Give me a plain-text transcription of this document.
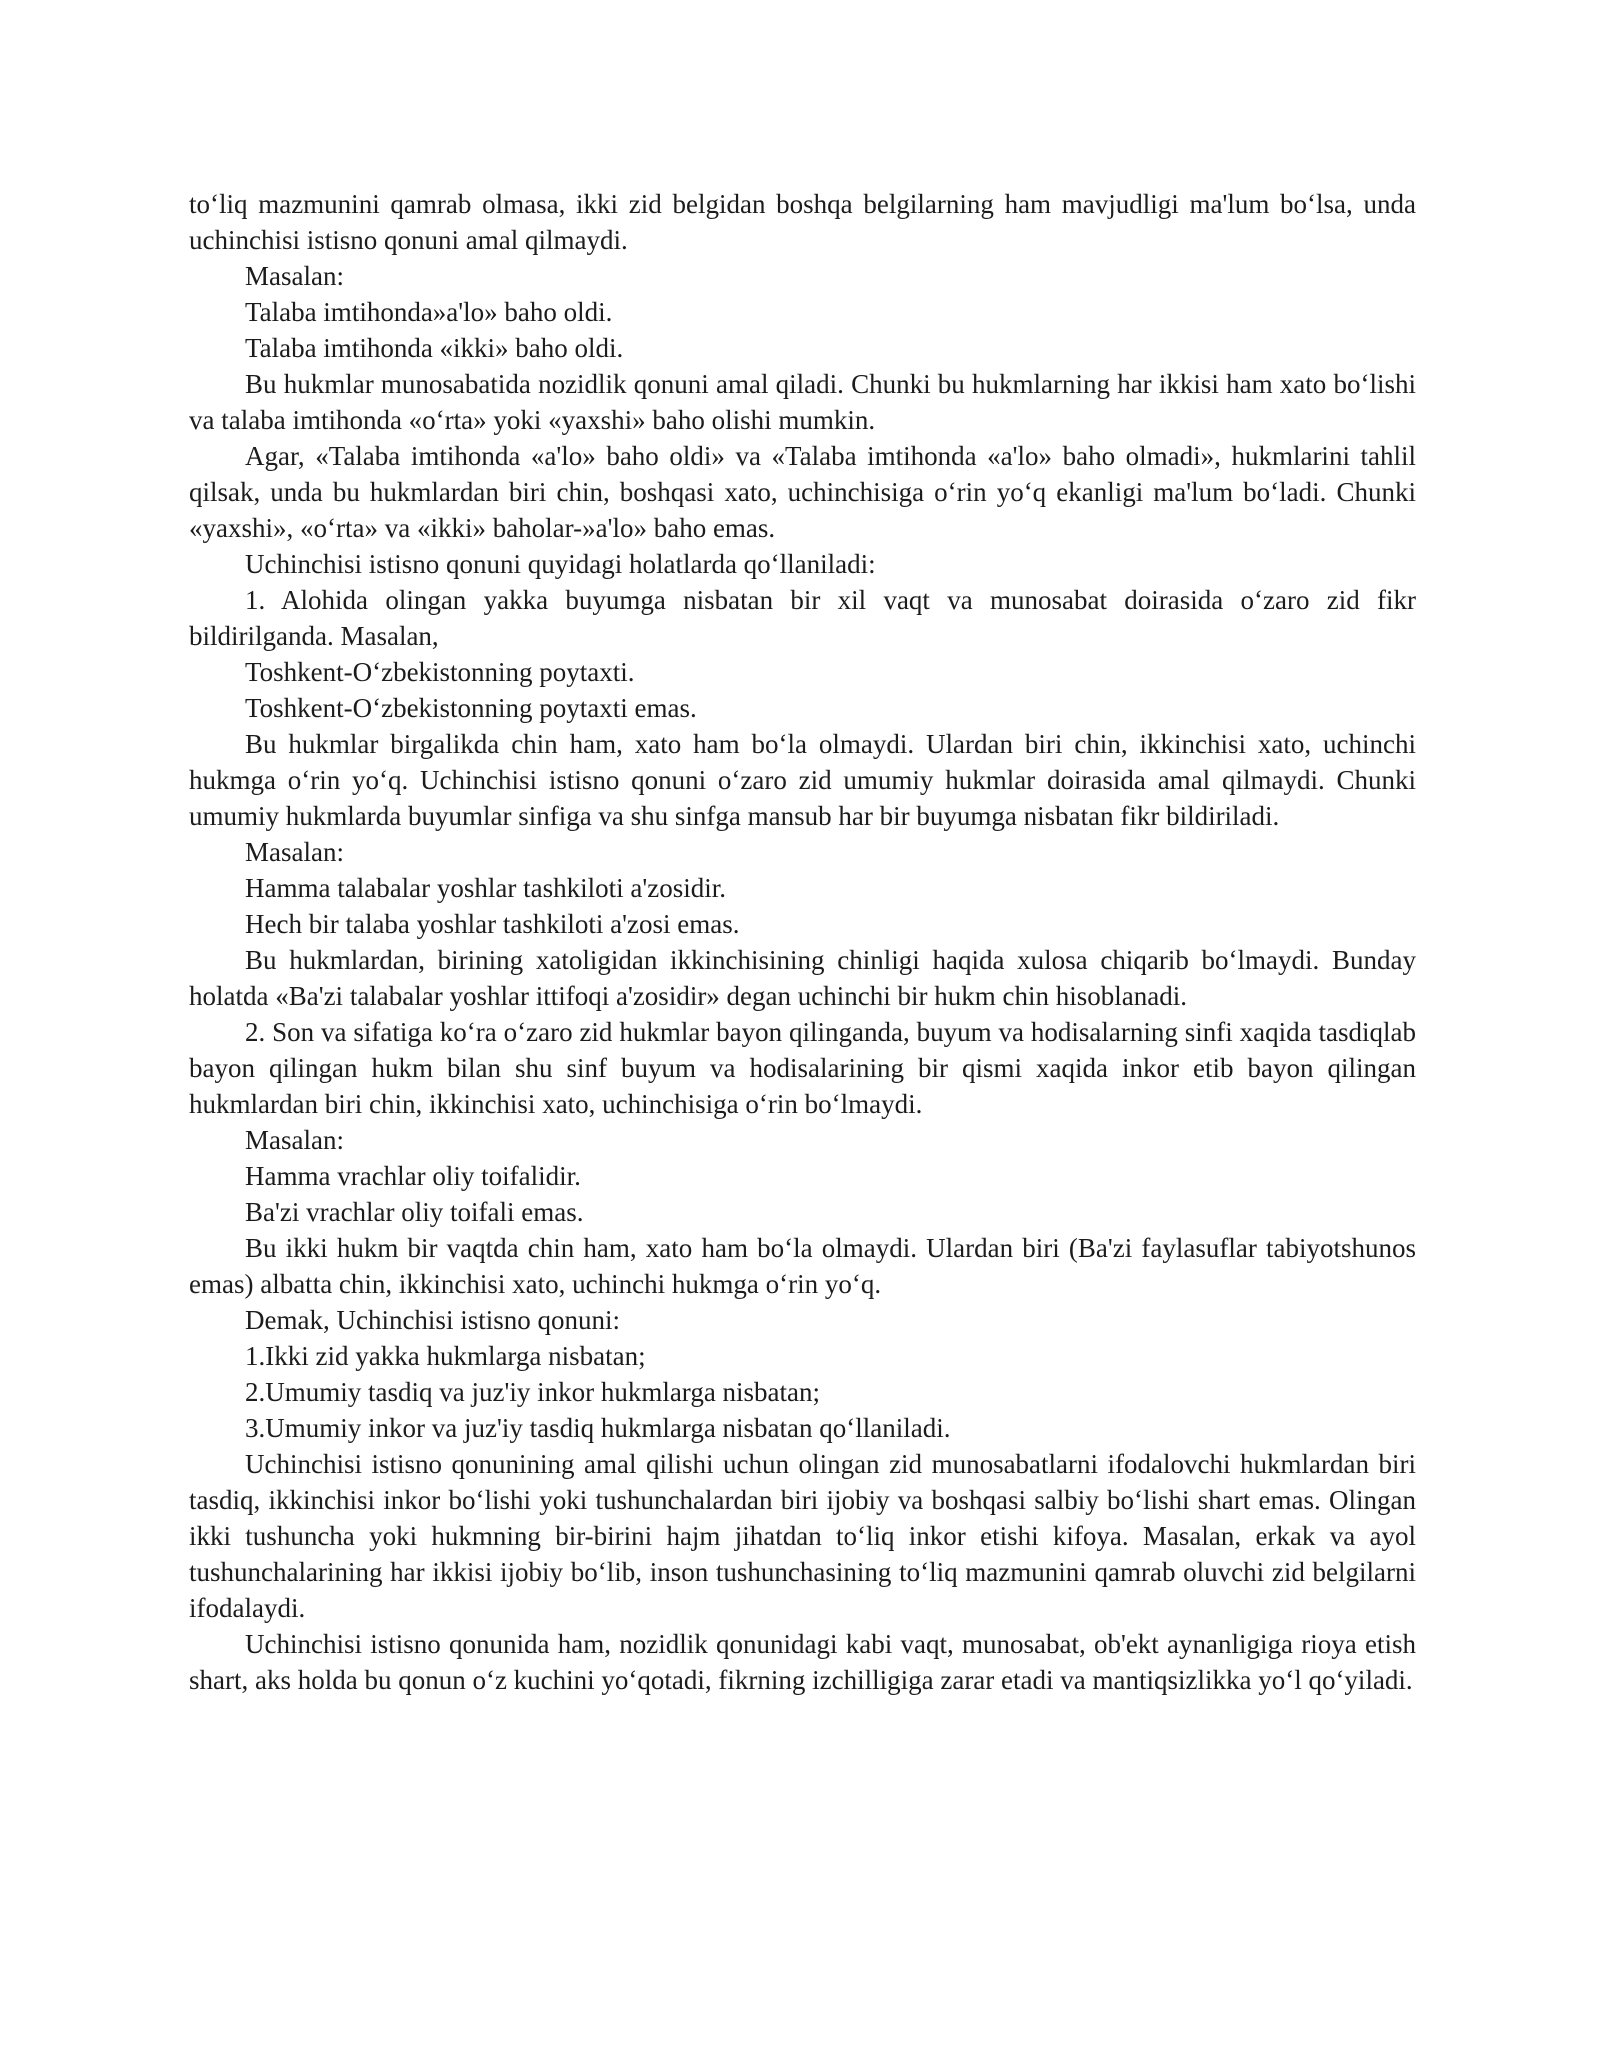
to‘liq mazmunini qamrab olmasa, ikki zid belgidan boshqa belgilarning ham mavjudligi ma'lum bo‘lsa, unda uchinchisi istisno qonuni amal qilmaydi.

Masalan:

Talaba imtihonda»a'lo» baho oldi.

Talaba imtihonda «ikki» baho oldi.

Bu hukmlar munosabatida nozidlik qonuni amal qiladi. Chunki bu hukmlarning har ikkisi ham xato bo‘lishi va talaba imtihonda «o‘rta» yoki «yaxshi» baho olishi mumkin.

Agar, «Talaba imtihonda «a'lo» baho oldi» va «Talaba imtihonda «a'lo» baho olmadi», hukmlarini tahlil qilsak, unda bu hukmlardan biri chin, boshqasi xato, uchinchisiga o‘rin yo‘q ekanligi ma'lum bo‘ladi. Chunki «yaxshi», «o‘rta» va «ikki» baholar-»a'lo» baho emas.

Uchinchisi istisno qonuni quyidagi holatlarda qo‘llaniladi:

1. Alohida olingan yakka buyumga nisbatan bir xil vaqt va munosabat doirasida o‘zaro zid fikr bildirilganda. Masalan,

Toshkent-O‘zbekistonning poytaxti.

Toshkent-O‘zbekistonning poytaxti emas.

Bu hukmlar birgalikda chin ham, xato ham bo‘la olmaydi. Ulardan biri chin, ikkinchisi xato, uchinchi hukmga o‘rin yo‘q. Uchinchisi istisno qonuni o‘zaro zid umumiy hukmlar doirasida amal qilmaydi. Chunki umumiy hukmlarda buyumlar sinfiga va shu sinfga mansub har bir buyumga nisbatan fikr bildiriladi.

Masalan:

Hamma talabalar yoshlar tashkiloti a'zosidir.

Hech bir talaba yoshlar tashkiloti a'zosi emas.

Bu hukmlardan, birining xatoligidan ikkinchisining chinligi haqida xulosa chiqarib bo‘lmaydi. Bunday holatda «Ba'zi talabalar yoshlar ittifoqi a'zosidir» degan uchinchi bir hukm chin hisoblanadi.

2. Son va sifatiga ko‘ra o‘zaro zid hukmlar bayon qilinganda, buyum va hodisalarning sinfi xaqida tasdiqlab bayon qilingan hukm bilan shu sinf buyum va hodisalarining bir qismi xaqida inkor etib bayon qilingan hukmlardan biri chin, ikkinchisi xato, uchinchisiga o‘rin bo‘lmaydi.

Masalan:

Hamma vrachlar oliy toifalidir.

Ba'zi vrachlar oliy toifali emas.

Bu ikki hukm bir vaqtda chin ham, xato ham bo‘la olmaydi. Ulardan biri (Ba'zi faylasuflar tabiyotshunos emas) albatta chin, ikkinchisi xato, uchinchi hukmga o‘rin yo‘q.

Demak, Uchinchisi istisno qonuni:

1.Ikki zid yakka hukmlarga nisbatan;

2.Umumiy tasdiq va juz'iy inkor hukmlarga nisbatan;

3.Umumiy inkor va juz'iy tasdiq hukmlarga nisbatan qo‘llaniladi.

Uchinchisi istisno qonunining amal qilishi uchun olingan zid munosabatlarni ifodalovchi hukmlardan biri tasdiq, ikkinchisi inkor bo‘lishi yoki tushunchalardan biri ijobiy va boshqasi salbiy bo‘lishi shart emas. Olingan ikki tushuncha yoki hukmning bir-birini hajm jihatdan to‘liq inkor etishi kifoya. Masalan, erkak va ayol tushunchalarining har ikkisi ijobiy bo‘lib, inson tushunchasining to‘liq mazmunini qamrab oluvchi zid belgilarni ifodalaydi.

Uchinchisi istisno qonunida ham, nozidlik qonunidagi kabi vaqt, munosabat, ob'ekt aynanligiga rioya etish shart, aks holda bu qonun o‘z kuchini yo‘qotadi, fikrning izchilligiga zarar etadi va mantiqsizlikka yo‘l qo‘yiladi.
